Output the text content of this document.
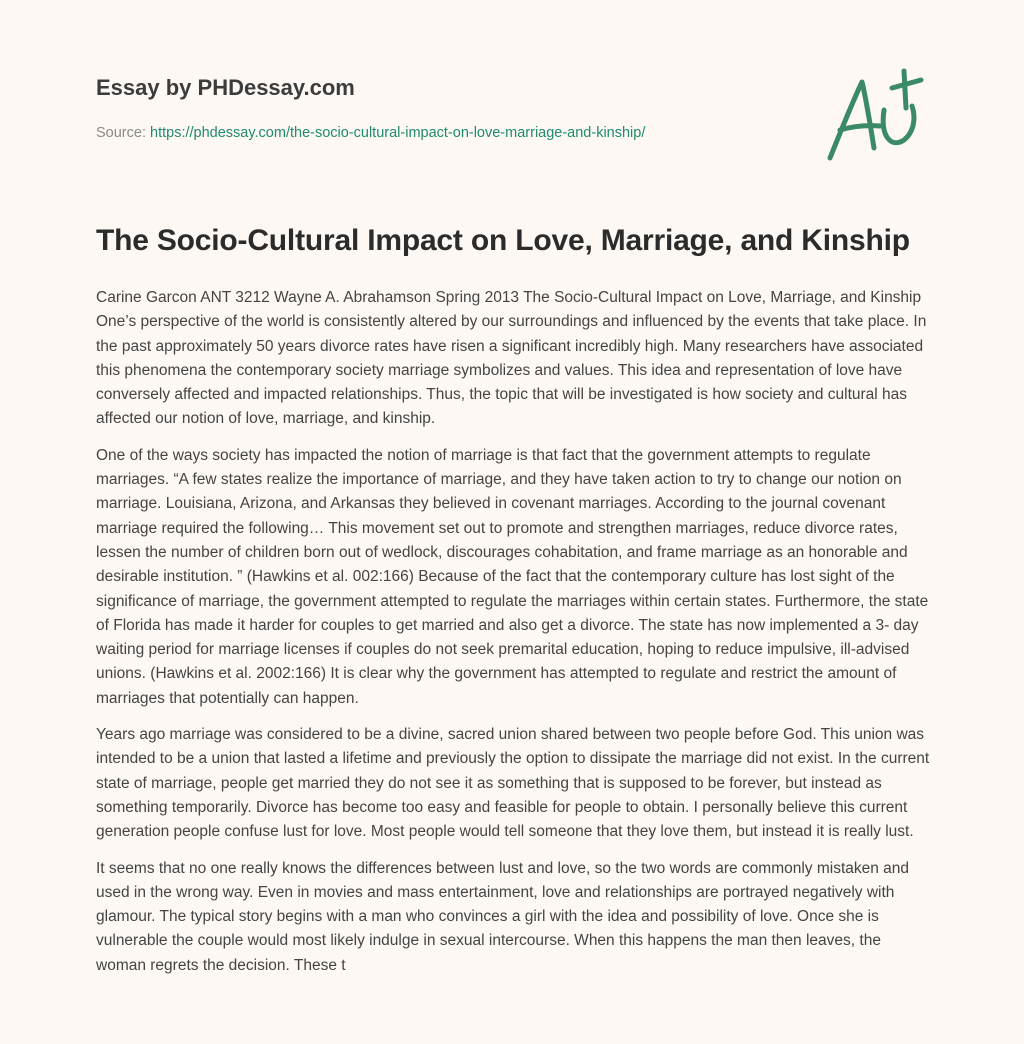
Essay by PHDessay.com
Source: https://phdessay.com/the-socio-cultural-impact-on-love-marriage-and-kinship/
The Socio-Cultural Impact on Love, Marriage, and Kinship

Carine Garcon ANT 3212 Wayne A. Abrahamson Spring 2013 The Socio-Cultural Impact on Love, Marriage, and Kinship One’s perspective of the world is consistently altered by our surroundings and influenced by the events that take place. In the past approximately 50 years divorce rates have risen a significant incredibly high. Many researchers have associated this phenomena the contemporary society marriage symbolizes and values. This idea and representation of love have conversely affected and impacted relationships. Thus, the topic that will be investigated is how society and cultural has affected our notion of love, marriage, and kinship.

One of the ways society has impacted the notion of marriage is that fact that the government attempts to regulate marriages. “A few states realize the importance of marriage, and they have taken action to try to change our notion on marriage. Louisiana, Arizona, and Arkansas they believed in covenant marriages. According to the journal covenant marriage required the following… This movement set out to promote and strengthen marriages, reduce divorce rates, lessen the number of children born out of wedlock, discourages cohabitation, and frame marriage as an honorable and desirable institution. ” (Hawkins et al. 002:166) Because of the fact that the contemporary culture has lost sight of the significance of marriage, the government attempted to regulate the marriages within certain states. Furthermore, the state of Florida has made it harder for couples to get married and also get a divorce. The state has now implemented a 3- day waiting period for marriage licenses if couples do not seek premarital education, hoping to reduce impulsive, ill-advised unions. (Hawkins et al. 2002:166) It is clear why the government has attempted to regulate and restrict the amount of marriages that potentially can happen.

Years ago marriage was considered to be a divine, sacred union shared between two people before God. This union was intended to be a union that lasted a lifetime and previously the option to dissipate the marriage did not exist. In the current state of marriage, people get married they do not see it as something that is supposed to be forever, but instead as something temporarily. Divorce has become too easy and feasible for people to obtain. I personally believe this current generation people confuse lust for love. Most people would tell someone that they love them, but instead it is really lust.

It seems that no one really knows the differences between lust and love, so the two words are commonly mistaken and used in the wrong way. Even in movies and mass entertainment, love and relationships are portrayed negatively with glamour. The typical story begins with a man who convinces a girl with the idea and possibility of love. Once she is vulnerable the couple would most likely indulge in sexual intercourse. When this happens the man then leaves, the woman regrets the decision. These t
